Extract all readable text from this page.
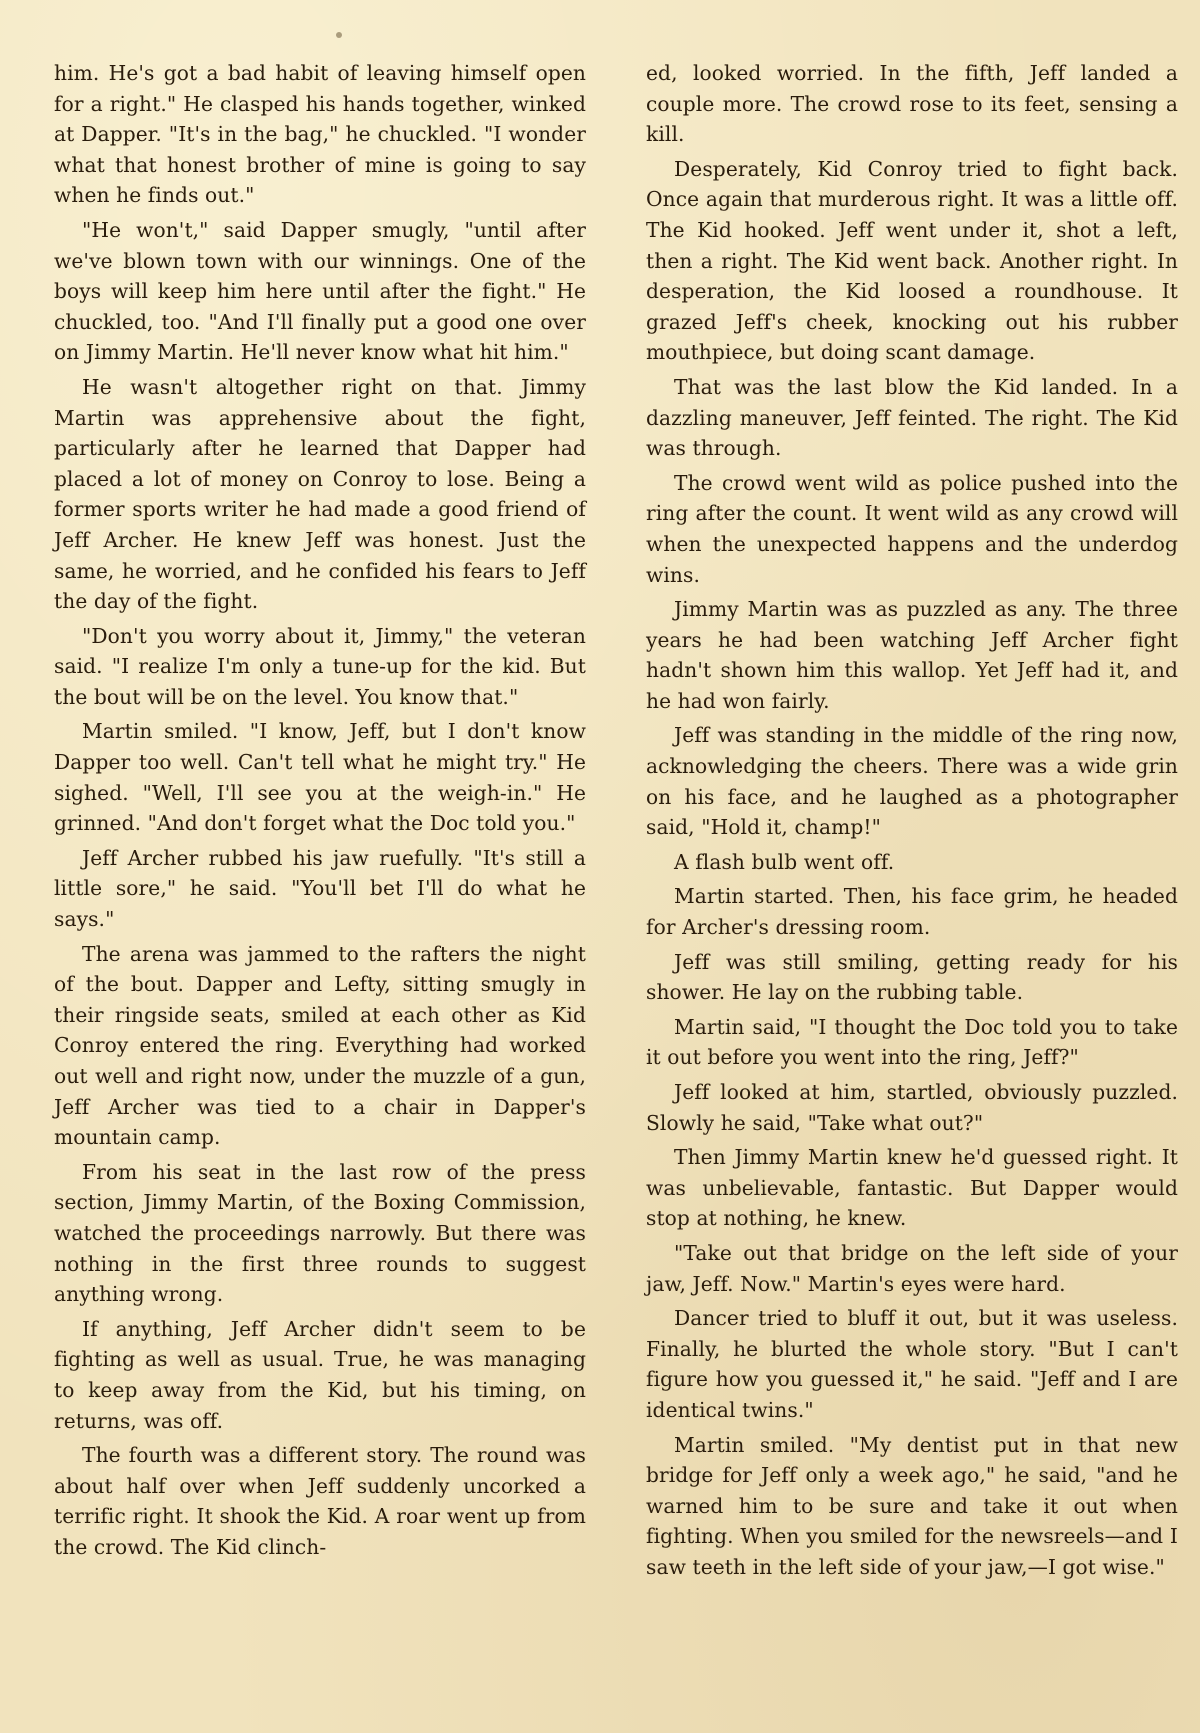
him. He's got a bad habit of leaving himself open for a right." He clasped his hands together, winked at Dapper. "It's in the bag," he chuckled. "I wonder what that honest brother of mine is going to say when he finds out."

"He won't," said Dapper smugly, "until after we've blown town with our winnings. One of the boys will keep him here until after the fight." He chuckled, too. "And I'll finally put a good one over on Jimmy Martin. He'll never know what hit him."

He wasn't altogether right on that. Jimmy Martin was apprehensive about the fight, particularly after he learned that Dapper had placed a lot of money on Conroy to lose. Being a former sports writer he had made a good friend of Jeff Archer. He knew Jeff was honest. Just the same, he worried, and he confided his fears to Jeff the day of the fight.

"Don't you worry about it, Jimmy," the veteran said. "I realize I'm only a tune-up for the kid. But the bout will be on the level. You know that."

Martin smiled. "I know, Jeff, but I don't know Dapper too well. Can't tell what he might try." He sighed. "Well, I'll see you at the weigh-in." He grinned. "And don't forget what the Doc told you."

Jeff Archer rubbed his jaw ruefully. "It's still a little sore," he said. "You'll bet I'll do what he says."

The arena was jammed to the rafters the night of the bout. Dapper and Lefty, sitting smugly in their ringside seats, smiled at each other as Kid Conroy entered the ring. Everything had worked out well and right now, under the muzzle of a gun, Jeff Archer was tied to a chair in Dapper's mountain camp.

From his seat in the last row of the press section, Jimmy Martin, of the Boxing Commission, watched the proceedings narrowly. But there was nothing in the first three rounds to suggest anything wrong.

If anything, Jeff Archer didn't seem to be fighting as well as usual. True, he was managing to keep away from the Kid, but his timing, on returns, was off.

The fourth was a different story. The round was about half over when Jeff suddenly uncorked a terrific right. It shook the Kid. A roar went up from the crowd. The Kid clinch-

ed, looked worried. In the fifth, Jeff landed a couple more. The crowd rose to its feet, sensing a kill.

Desperately, Kid Conroy tried to fight back. Once again that murderous right. It was a little off. The Kid hooked. Jeff went under it, shot a left, then a right. The Kid went back. Another right. In desperation, the Kid loosed a roundhouse. It grazed Jeff's cheek, knocking out his rubber mouthpiece, but doing scant damage.

That was the last blow the Kid landed. In a dazzling maneuver, Jeff feinted. The right. The Kid was through.

The crowd went wild as police pushed into the ring after the count. It went wild as any crowd will when the unexpected happens and the underdog wins.

Jimmy Martin was as puzzled as any. The three years he had been watching Jeff Archer fight hadn't shown him this wallop. Yet Jeff had it, and he had won fairly.

Jeff was standing in the middle of the ring now, acknowledging the cheers. There was a wide grin on his face, and he laughed as a photographer said, "Hold it, champ!"

A flash bulb went off.

Martin started. Then, his face grim, he headed for Archer's dressing room.

Jeff was still smiling, getting ready for his shower. He lay on the rubbing table.

Martin said, "I thought the Doc told you to take it out before you went into the ring, Jeff?"

Jeff looked at him, startled, obviously puzzled. Slowly he said, "Take what out?"

Then Jimmy Martin knew he'd guessed right. It was unbelievable, fantastic. But Dapper would stop at nothing, he knew.

"Take out that bridge on the left side of your jaw, Jeff. Now." Martin's eyes were hard.

Dancer tried to bluff it out, but it was useless. Finally, he blurted the whole story. "But I can't figure how you guessed it," he said. "Jeff and I are identical twins."

Martin smiled. "My dentist put in that new bridge for Jeff only a week ago," he said, "and he warned him to be sure and take it out when fighting. When you smiled for the newsreels—and I saw teeth in the left side of your jaw,—I got wise."
